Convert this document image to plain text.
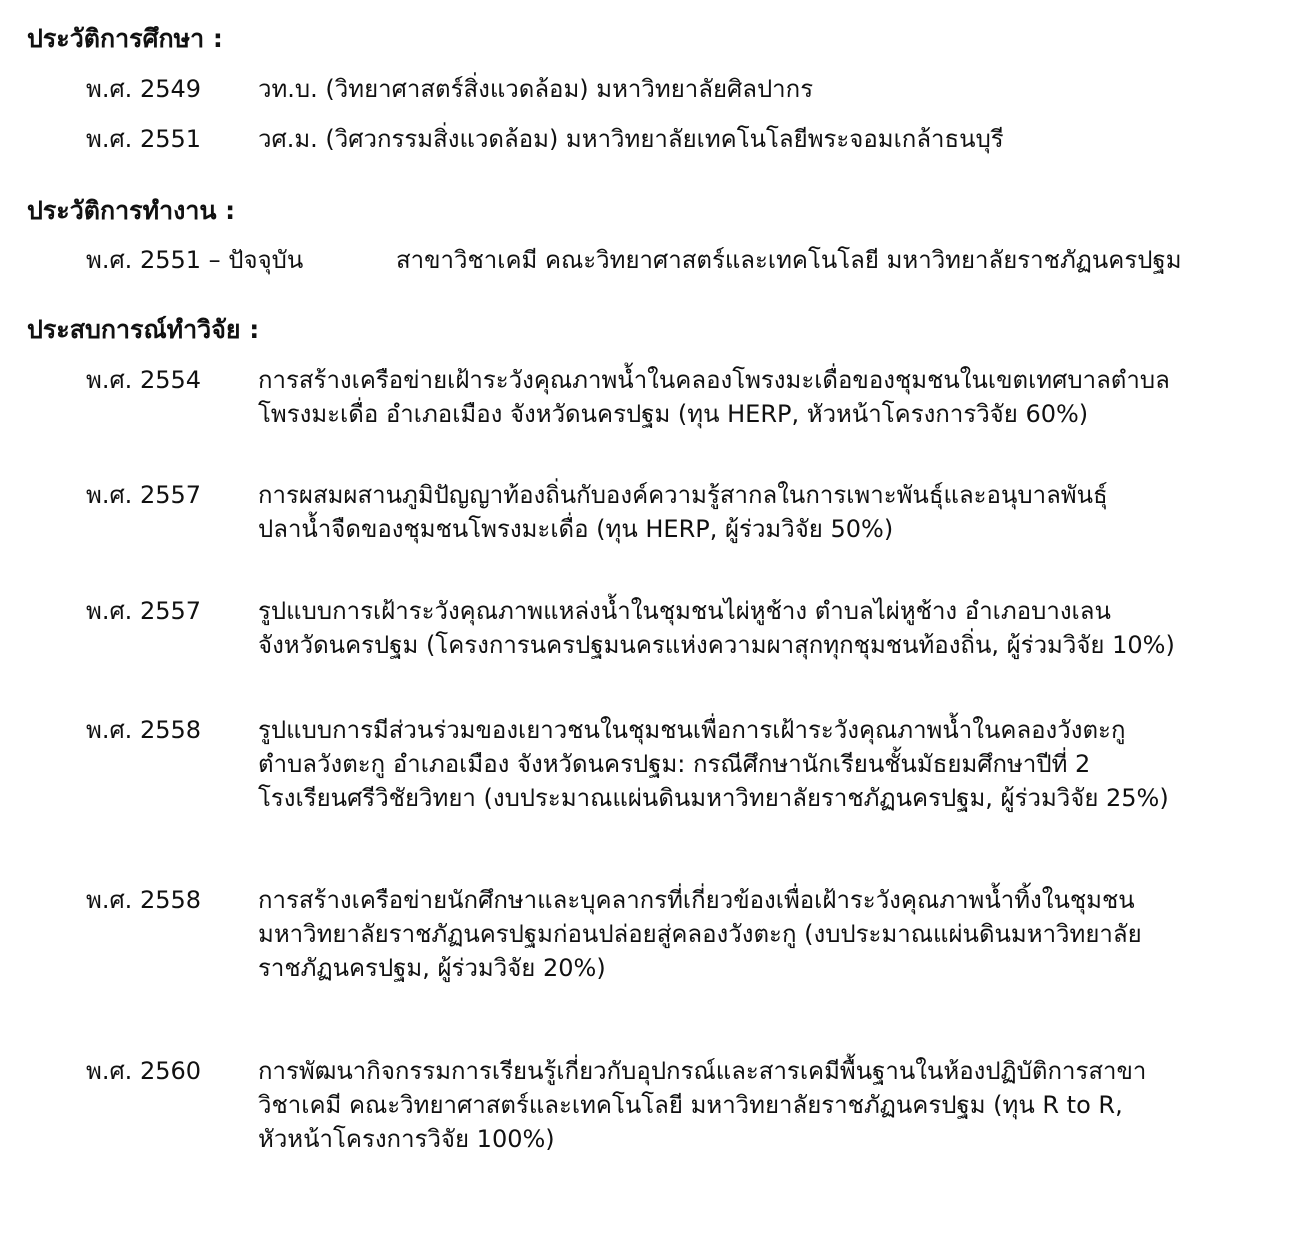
ประวัติการศึกษา :
พ.ศ. 2549 วท.บ. (วิทยาศาสตร์สิ่งแวดล้อม) มหาวิทยาลัยศิลปากร
พ.ศ. 2551 วศ.ม. (วิศวกรรมสิ่งแวดล้อม) มหาวิทยาลัยเทคโนโลยีพระจอมเกล้าธนบุรี
ประวัติการทำงาน :
พ.ศ. 2551 – ปัจจุบัน	สาขาวิชาเคมี คณะวิทยาศาสตร์และเทคโนโลยี มหาวิทยาลัยราชภัฏนครปฐม
ประสบการณ์ทำวิจัย :
พ.ศ. 2554 การสร้างเครือข่ายเฝ้าระวังคุณภาพน้ำในคลองโพรงมะเดื่อของชุมชนในเขตเทศบาลตำบล
โพรงมะเดื่อ อำเภอเมือง จังหวัดนครปฐม (ทุน HERP, หัวหน้าโครงการวิจัย 60%)
พ.ศ. 2557 การผสมผสานภูมิปัญญาท้องถิ่นกับองค์ความรู้สากลในการเพาะพันธุ์และอนุบาลพันธุ์
ปลาน้ำจืดของชุมชนโพรงมะเดื่อ (ทุน HERP, ผู้ร่วมวิจัย 50%)
พ.ศ. 2557 รูปแบบการเฝ้าระวังคุณภาพแหล่งน้ำในชุมชนไผ่หูช้าง ตำบลไผ่หูช้าง อำเภอบางเลน
จังหวัดนครปฐม (โครงการนครปฐมนครแห่งความผาสุกทุกชุมชนท้องถิ่น, ผู้ร่วมวิจัย 10%)
พ.ศ. 2558 รูปแบบการมีส่วนร่วมของเยาวชนในชุมชนเพื่อการเฝ้าระวังคุณภาพน้ำในคลองวังตะกู
ตำบลวังตะกู อำเภอเมือง จังหวัดนครปฐม: กรณีศึกษานักเรียนชั้นมัธยมศึกษาปีที่ 2
โรงเรียนศรีวิชัยวิทยา (งบประมาณแผ่นดินมหาวิทยาลัยราชภัฏนครปฐม, ผู้ร่วมวิจัย 25%)
พ.ศ. 2558 การสร้างเครือข่ายนักศึกษาและบุคลากรที่เกี่ยวข้องเพื่อเฝ้าระวังคุณภาพน้ำทิ้งในชุมชน
มหาวิทยาลัยราชภัฏนครปฐมก่อนปล่อยสู่คลองวังตะกู (งบประมาณแผ่นดินมหาวิทยาลัย
ราชภัฏนครปฐม, ผู้ร่วมวิจัย 20%)
พ.ศ. 2560 การพัฒนากิจกรรมการเรียนรู้เกี่ยวกับอุปกรณ์และสารเคมีพื้นฐานในห้องปฏิบัติการสาขา
วิชาเคมี คณะวิทยาศาสตร์และเทคโนโลยี มหาวิทยาลัยราชภัฏนครปฐม (ทุน R to R,
หัวหน้าโครงการวิจัย 100%)
